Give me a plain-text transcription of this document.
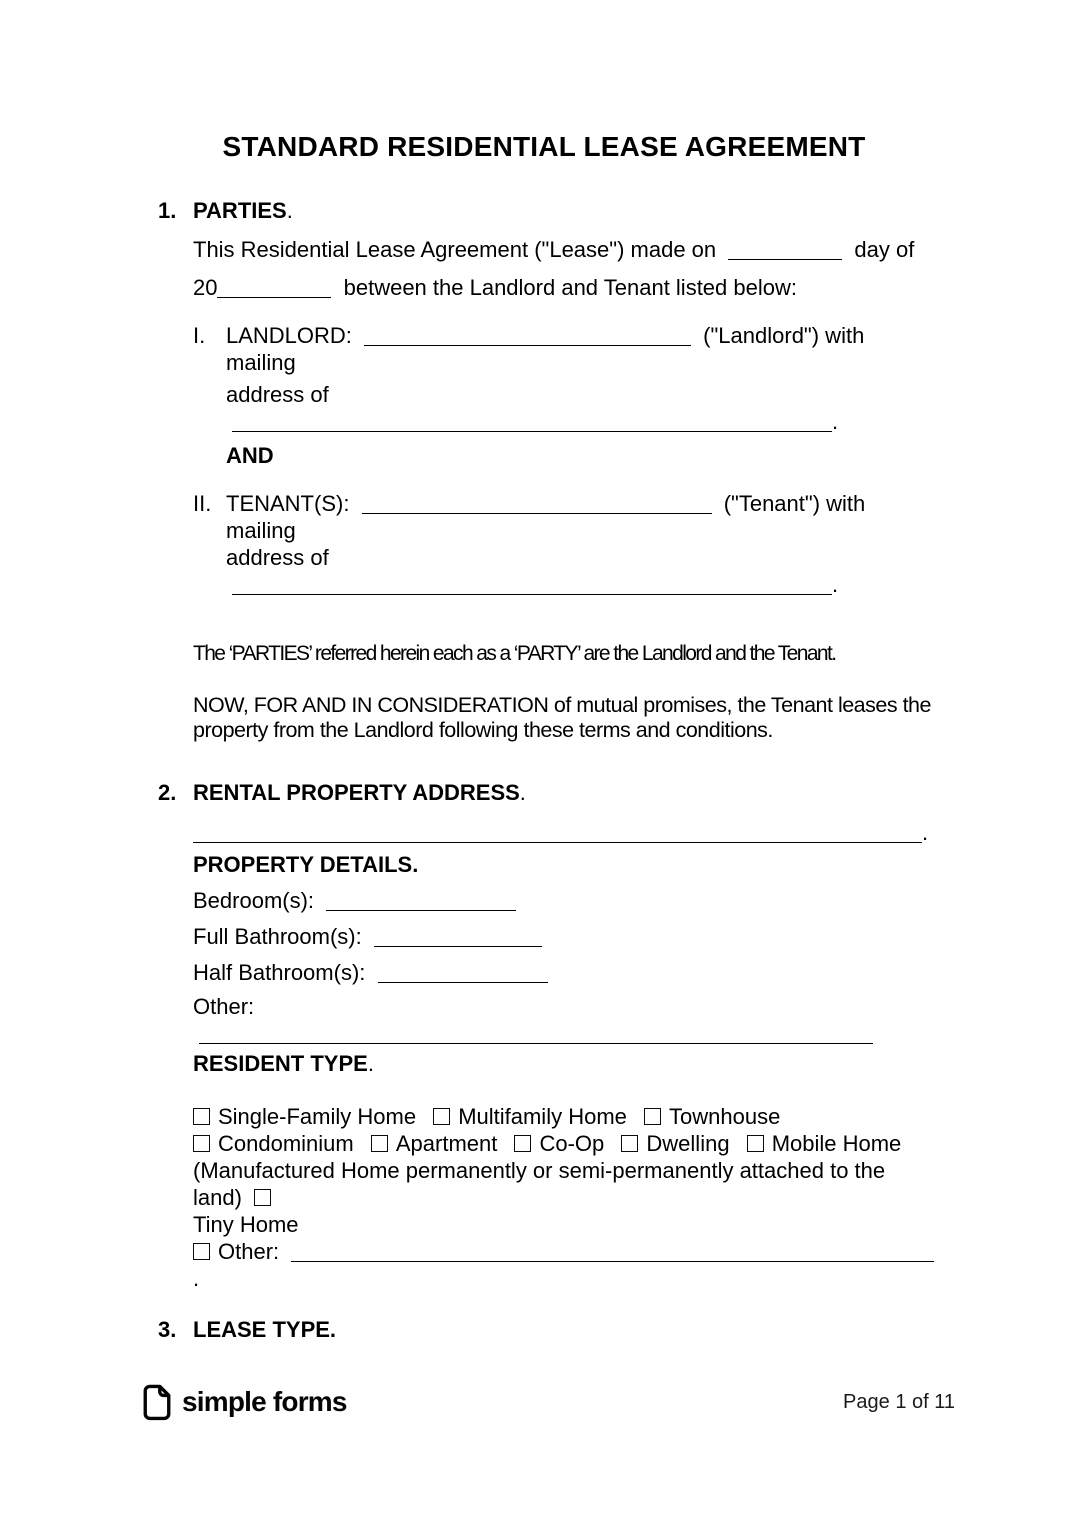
STANDARD RESIDENTIAL LEASE AGREEMENT
1. PARTIES.
This Residential Lease Agreement ("Lease") made on	day of
20	between the Landlord and Tenant listed below:
I. LANDLORD:	("Landlord") with mailing
address of .
AND
II. TENANT(S):	("Tenant") with mailing
address of .
The ‘PARTIES’ referred herein each as a ‘PARTY’ are the Landlord and the Tenant.
NOW, FOR AND IN CONSIDERATION of mutual promises, the Tenant leases the property from the Landlord following these terms and conditions.
2. RENTAL PROPERTY ADDRESS.
.
PROPERTY DETAILS.
Bedroom(s):
Full Bathroom(s):
Half Bathroom(s):
Other:
RESIDENT TYPE.
Single-Family Home Multifamily Home Townhouse
Condominium Apartment Co-Op Dwelling Mobile Home
(Manufactured Home permanently or semi-permanently attached to the land)
Tiny Home
Other: .
3. LEASE TYPE.
simple forms	Page 1 of 11
